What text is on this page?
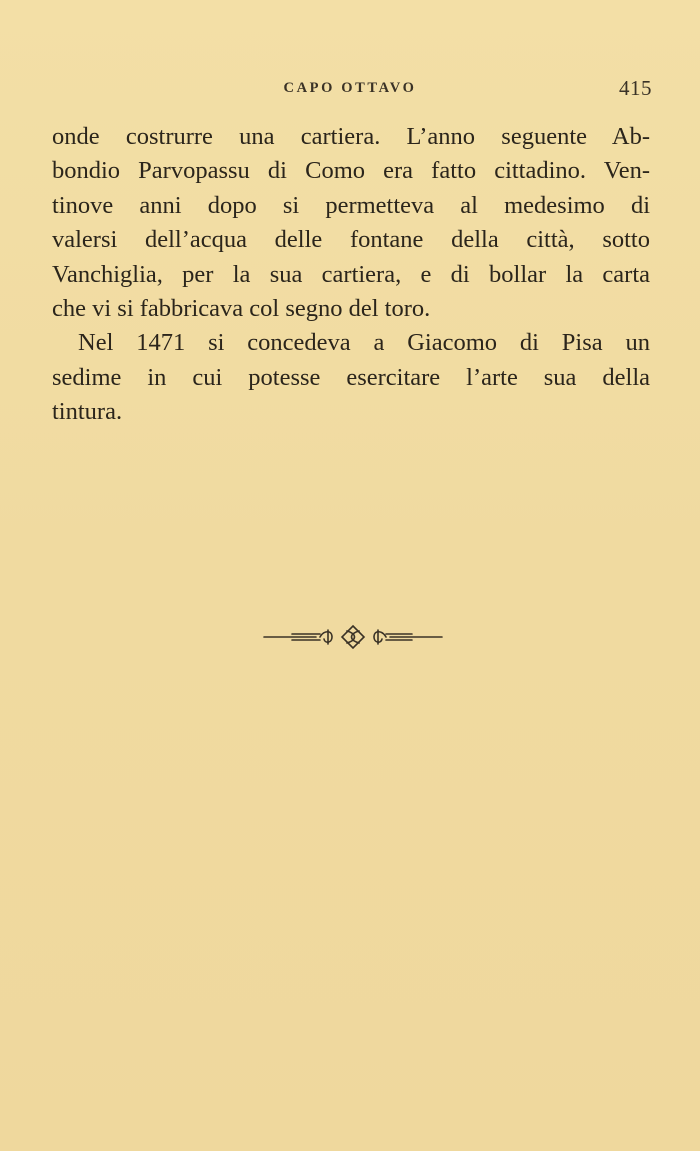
CAPO OTTAVO	415
onde costrurre una cartiera. L’anno seguente Ab-
bondio Parvopassu di Como era fatto cittadino. Ven-
tinove anni dopo si permetteva al medesimo di
valersi dell’acqua delle fontane della città, sotto
Vanchiglia, per la sua cartiera, e di bollar la carta
che vi si fabbricava col segno del toro.
Nel 1471 si concedeva a Giacomo di Pisa un
sedime in cui potesse esercitare l’arte sua della
tintura.
